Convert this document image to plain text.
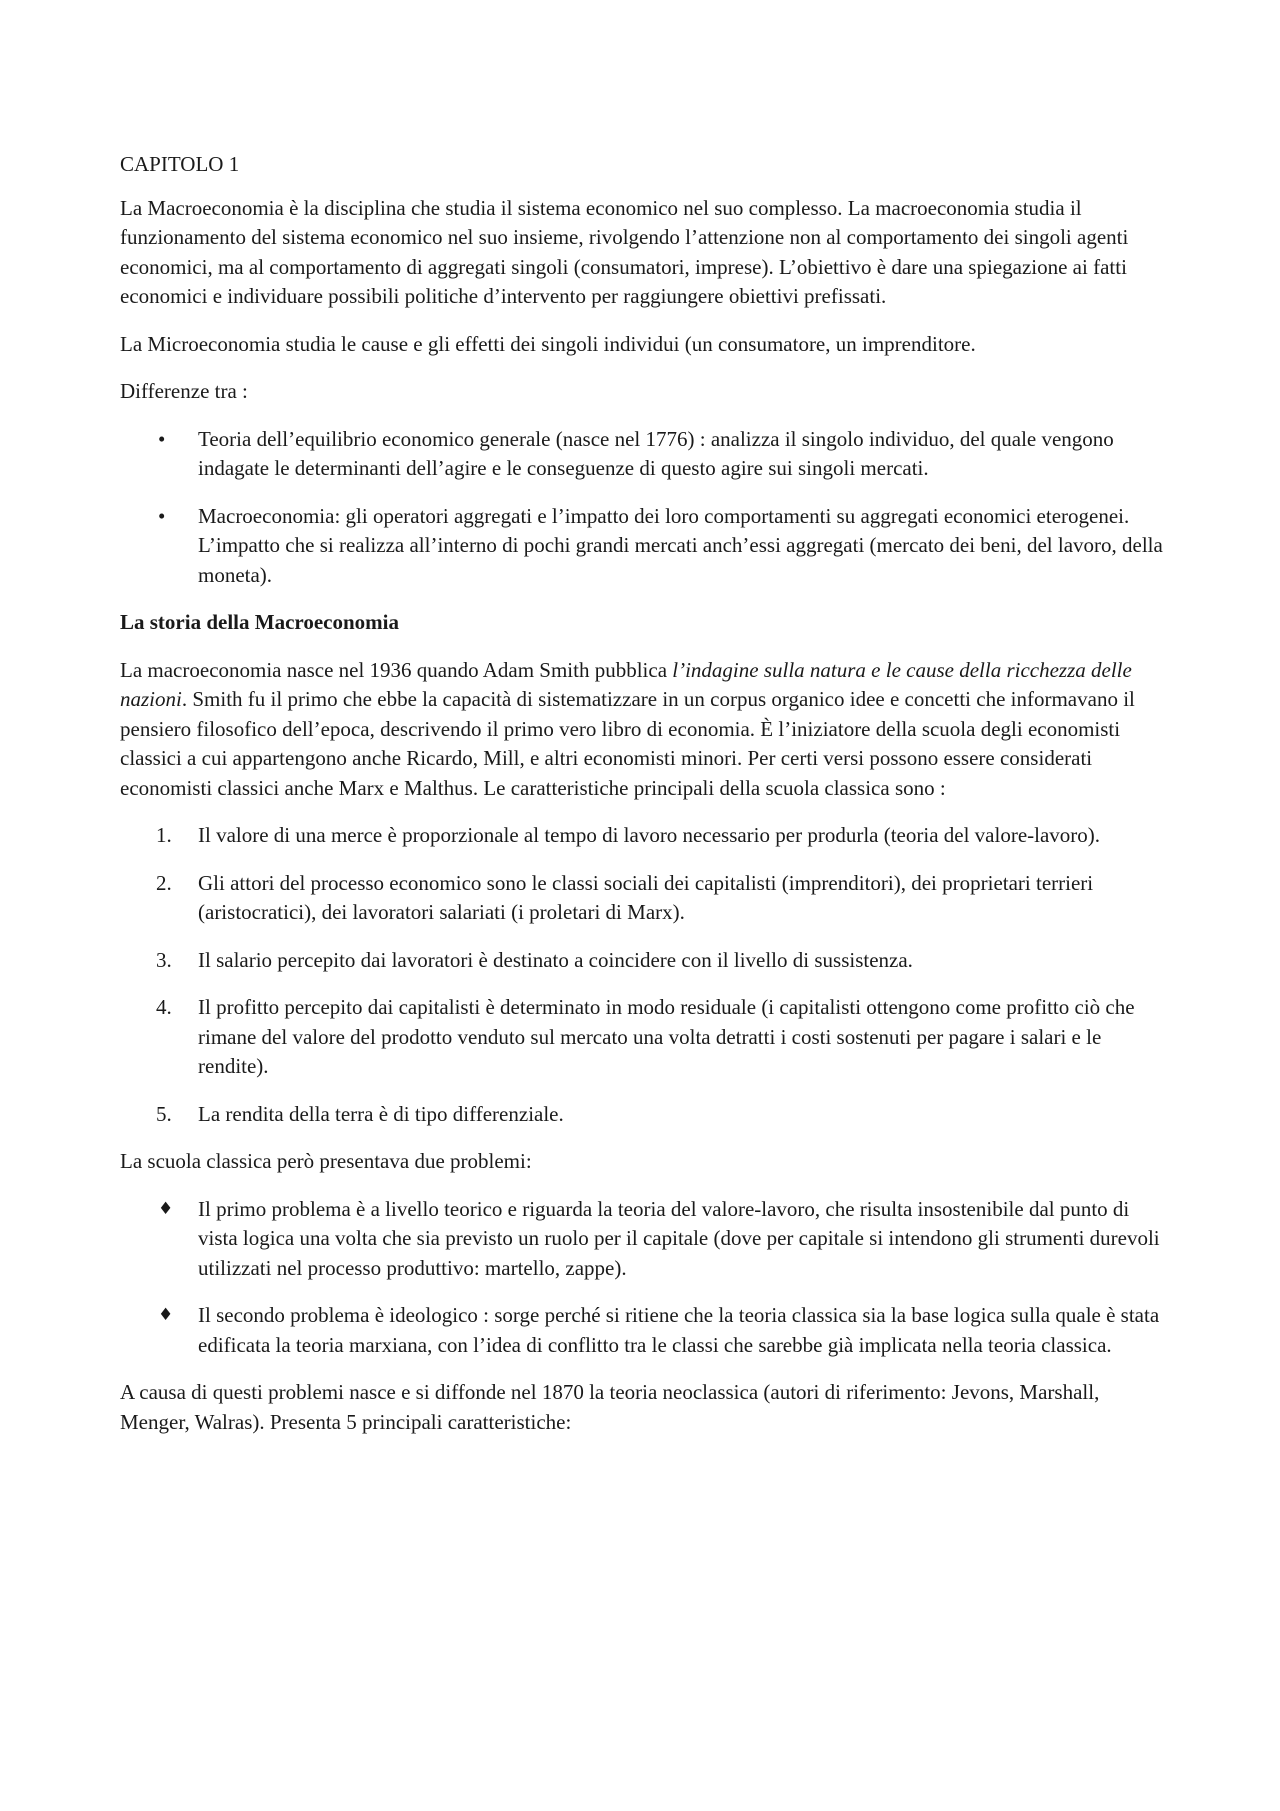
CAPITOLO 1

La Macroeconomia è la disciplina che studia il sistema economico nel suo complesso. La macroeconomia studia il funzionamento del sistema economico nel suo insieme, rivolgendo l’attenzione non al comportamento dei singoli agenti economici, ma al comportamento di aggregati singoli (consumatori, imprese). L’obiettivo è dare una spiegazione ai fatti economici e individuare possibili politiche d’intervento per raggiungere obiettivi prefissati.

La Microeconomia studia le cause e gli effetti dei singoli individui (un consumatore, un imprenditore.

Differenze tra :

• Teoria dell’equilibrio economico generale (nasce nel 1776) : analizza il singolo individuo, del quale vengono indagate le determinanti dell’agire e le conseguenze di questo agire sui singoli mercati.
• Macroeconomia: gli operatori aggregati e l’impatto dei loro comportamenti su aggregati economici eterogenei. L’impatto che si realizza all’interno di pochi grandi mercati anch’essi aggregati (mercato dei beni, del lavoro, della moneta).

La storia della Macroeconomia

La macroeconomia nasce nel 1936 quando Adam Smith pubblica l’indagine sulla natura e le cause della ricchezza delle nazioni. Smith fu il primo che ebbe la capacità di sistematizzare in un corpus organico idee e concetti che informavano il pensiero filosofico dell’epoca, descrivendo il primo vero libro di economia. È l’iniziatore della scuola degli economisti classici a cui appartengono anche Ricardo, Mill, e altri economisti minori. Per certi versi possono essere considerati economisti classici anche Marx e Malthus. Le caratteristiche principali della scuola classica sono :

1. Il valore di una merce è proporzionale al tempo di lavoro necessario per produrla (teoria del valore-lavoro).
2. Gli attori del processo economico sono le classi sociali dei capitalisti (imprenditori), dei proprietari terrieri (aristocratici), dei lavoratori salariati (i proletari di Marx).
3. Il salario percepito dai lavoratori è destinato a coincidere con il livello di sussistenza.
4. Il profitto percepito dai capitalisti è determinato in modo residuale (i capitalisti ottengono come profitto ciò che rimane del valore del prodotto venduto sul mercato una volta detratti i costi sostenuti per pagare i salari e le rendite).
5. La rendita della terra è di tipo differenziale.

La scuola classica però presentava due problemi:

♦ Il primo problema è a livello teorico e riguarda la teoria del valore-lavoro, che risulta insostenibile dal punto di vista logica una volta che sia previsto un ruolo per il capitale (dove per capitale si intendono gli strumenti durevoli utilizzati nel processo produttivo: martello, zappe).
♦ Il secondo problema è ideologico : sorge perché si ritiene che la teoria classica sia la base logica sulla quale è stata edificata la teoria marxiana, con l’idea di conflitto tra le classi che sarebbe già implicata nella teoria classica.

A causa di questi problemi nasce e si diffonde nel 1870 la teoria neoclassica (autori di riferimento: Jevons, Marshall, Menger, Walras). Presenta 5 principali caratteristiche:
